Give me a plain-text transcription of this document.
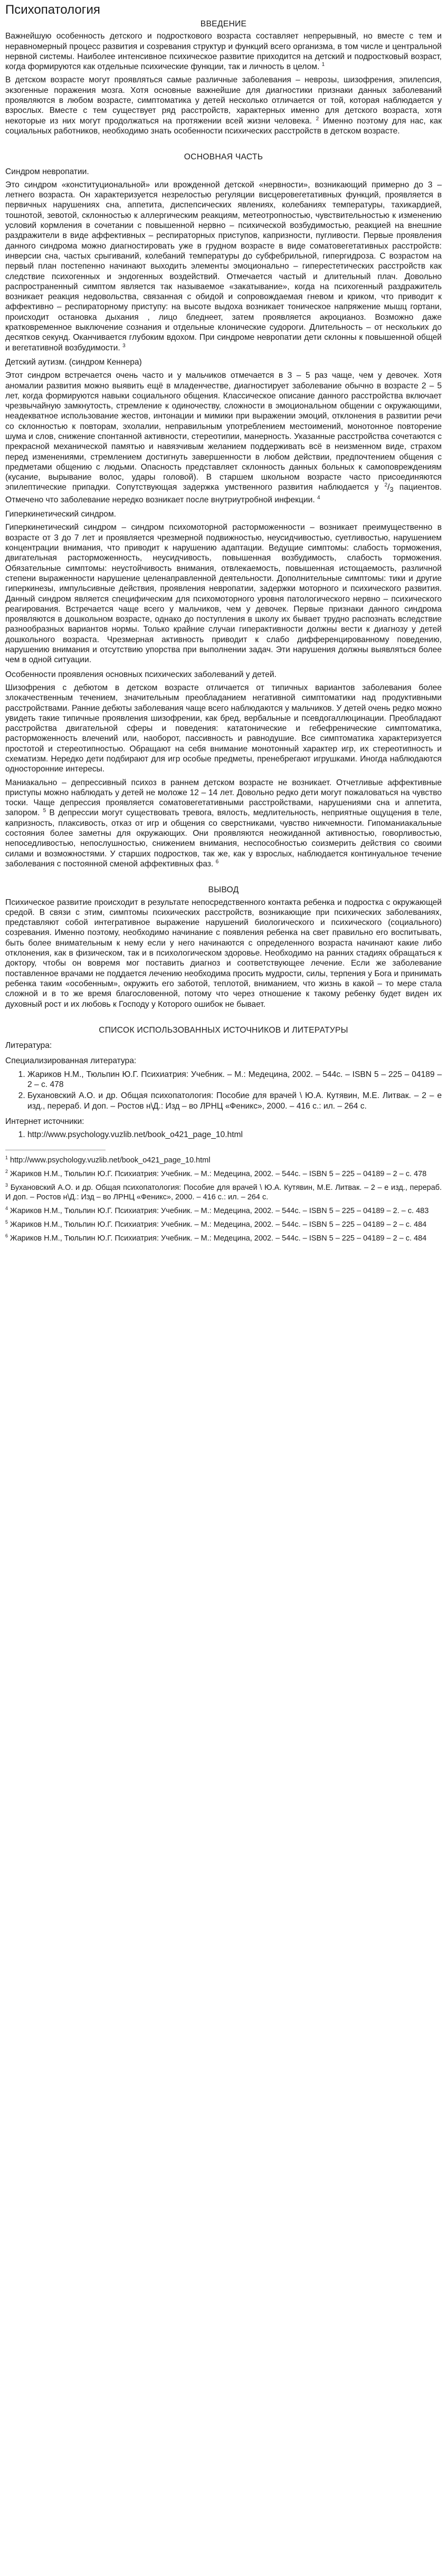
Психопатология
ВВЕДЕНИЕ

Важнейшую особенность детского и подросткового возраста составляет непрерывный, но вместе с тем и неравномерный процесс развития и созревания структур и функций всего организма, в том числе и центральной нервной системы. Наиболее интенсивное психическое развитие приходится на детский и подростковый возраст, когда формируются как отдельные психические функции, так и личность в целом. $^1$

В детском возрасте могут проявляться самые различные заболевания – неврозы, шизофрения, эпилепсия, экзогенные поражения мозга. Хотя основные важнейшие для диагностики признаки данных заболеваний проявляются в любом возрасте, симптоматика у детей несколько отличается от той, которая наблюдается у взрослых. Вместе с тем существует ряд расстройств, характерных именно для детского возраста, хотя некоторые из них могут продолжаться на протяжении всей жизни человека. $^2$ Именно поэтому для нас, как социальных работников, необходимо знать особенности психических расстройств в детском возрасте.

ОСНОВНАЯ ЧАСТЬ
Синдром невропатии.

Это синдром «конституциональной» или врожденной детской «нервности», возникающий примерно до 3 – летнего возраста. Он характеризуется незрелостью регуляции висцеровегетативных функций, проявляется в первичных нарушениях сна, аппетита, диспепсических явлениях, колебаниях температуры, тахикардией, тошнотой, зевотой, склонностью к аллергическим реакциям, метеотропностью, чувствительностью к изменению условий кормления в сочетании с повышенной нервно – психической возбудимостью, реакцией на внешние раздражители в виде аффективных – респираторных приступов, капризности, пугливости. Первые проявления данного синдрома можно диагностировать уже в грудном возрасте в виде соматовегетативных расстройств: инверсии сна, частых срыгиваний, колебаний температуры до субфебрильной, гипергидроза. С возрастом на первый план постепенно начинают выходить элементы эмоционально – гиперестетических расстройств как следствие психогенных и эндогенных воздействий. Отмечается частый и длительный плач. Довольно распространенный симптом является так называемое «закатывание», когда на психогенный раздражитель возникает реакция недовольства, связанная с обидой и сопровождаемая гневом и криком, что приводит к аффективно – респираторному приступу: на высоте выдоха возникает тоническое напряжение мышц гортани, происходит остановка дыхания , лицо бледнеет, затем проявляется акроцианоз. Возможно даже кратковременное выключение сознания и отдельные клонические судороги. Длительность – от нескольких до десятков секунд. Оканчивается глубоким вдохом. При синдроме невропатии дети склонны к повышенной общей и вегетативной возбудимости. $^3$

Детский аутизм. (синдром Кеннера)

Этот синдром встречается очень часто и у мальчиков отмечается в 3 – 5 раз чаще, чем у девочек. Хотя аномалии развития можно выявить ещё в младенчестве, диагностирует заболевание обычно в возрасте 2 – 5 лет, когда формируются навыки социального общения. Классическое описание данного расстройства включает чрезвычайную замкнутость, стремление к одиночеству, сложности в эмоциональном общении с окружающими, неадекватное использование жестов, интонации и мимики при выражении эмоций, отклонения в развитии речи со склонностью к повторам, эхолалии, неправильным употреблением местоимений, монотонное повторение шума и слов, снижение спонтанной активности, стереотипии, манерность. Указанные расстройства сочетаются с прекрасной механической памятью и навязчивым желанием поддерживать всё в неизменном виде, страхом перед изменениями, стремлением достигнуть завершенности в любом действии, предпочтением общения с предметами общению с людьми. Опасность представляет склонность данных больных к самоповреждениям (кусание, вырывание волос, удары головой). В старшем школьном возрасте часто присоединяются эпилептические припадки. Сопутствующая задержка умственного развития наблюдается у $^2/_3$ пациентов. Отмечено что заболевание нередко возникает после внутриутробной инфекции. $^4$

Гиперкинетический синдром.

Гиперкинетический синдром – синдром психомоторной расторможенности – возникает преимущественно в возрасте от 3 до 7 лет и проявляется чрезмерной подвижностью, неусидчивостью, суетливостью, нарушением концентрации внимания, что приводит к нарушению адаптации. Ведущие симптомы: слабость торможения, двигательная расторможенность, неусидчивость, повышенная возбудимость, слабость торможения. Обязательные симптомы: неустойчивость внимания, отвлекаемость, повышенная истощаемость, различной степени выраженности нарушение целенаправленной деятельности. Дополнительные симптомы: тики и другие гиперкинезы, импульсивные действия, проявления невропатии, задержки моторного и психического развития. Данный синдром является специфическим для психомоторного уровня патологического нервно – психического реагирования. Встречается чаще всего у мальчиков, чем у девочек. Первые признаки данного синдрома проявляются в дошкольном возрасте, однако до поступления в школу их бывает трудно распознать вследствие разнообразных вариантов нормы. Только крайние случаи гиперактивности должны вести к диагнозу у детей дошкольного возраста. Чрезмерная активность приводит к слабо дифференцированному поведению, нарушению внимания и отсутствию упорства при выполнении задач. Эти нарушения должны выявляться более чем в одной ситуации.

Особенности проявления основных психических заболеваний у детей.

Шизофрения с дебютом в детском возрасте отличается от типичных вариантов заболевания более злокачественным течением, значительным преобладанием негативной симптоматики над продуктивными расстройствами. Ранние дебюты заболевания чаще всего наблюдаются у мальчиков. У детей очень редко можно увидеть такие типичные проявления шизофрении, как бред, вербальные и псевдогаллюцинации. Преобладают расстройства двигательной сферы и поведения: кататонические и гебефренические симптоматика, расторможенность влечений или, наоборот, пассивность и равнодушие. Все симптоматика характеризуется простотой и стереотипностью. Обращают на себя внимание монотонный характер игр, их стереотипность и схематизм. Нередко дети подбирают для игр особые предметы, пренебрегают игрушками. Иногда наблюдаются односторонние интересы.

Маниакально – депрессивный психоз в раннем детском возрасте не возникает. Отчетливые аффективные приступы можно наблюдать у детей не моложе 12 – 14 лет. Довольно редко дети могут пожаловаться на чувство тоски. Чаще депрессия проявляется соматовегетативными расстройствами, нарушениями сна и аппетита, запором. $^5$ В депрессии могут существовать тревога, вялость, медлительность, неприятные ощущения в теле, капризность, плаксивость, отказ от игр и общения со сверстниками, чувство никчемности. Гипоманиакальные состояния более заметны для окружающих. Они проявляются неожиданной активностью, говорливостью, непоседливостью, непослушностью, снижением внимания, неспособностью соизмерить действия со своими силами и возможностями. У старших подростков, так же, как у взрослых, наблюдается континуальное течение заболевания с постоянной сменой аффективных фаз. $^6$

ВЫВОД

Психическое развитие происходит в результате непосредственного контакта ребенка и подростка с окружающей средой. В связи с этим, симптомы психических расстройств, возникающие при психических заболеваниях, представляют собой интегративное выражение нарушений биологического и психического (социального) созревания. Именно поэтому, необходимо начинание с появления ребенка на свет правильно его воспитывать, быть более внимательным к нему если у него начинаются с определенного возраста начинают какие либо отклонения, как в физическом, так и в психологическом здоровье. Необходимо на ранних стадиях обращаться к доктору, чтобы он вовремя мог поставить диагноз и соответствующее лечение. Если же заболевание поставленное врачами не поддается лечению необходима просить мудрости, силы, терпения у Бога и принимать ребенка таким «особенным», окружить его заботой, теплотой, вниманием, что жизнь в какой – то мере стала сложной и в то же время благословенной, потому что через отношение к такому ребенку будет виден их духовный рост и их любовь к Господу у Которого ошибок не бывает.

СПИСОК ИСПОЛЬЗОВАННЫХ ИСТОЧНИКОВ И ЛИТЕРАТУРЫ
Литература:
Специализированная литература:
1. Жариков Н.М., Тюльпин Ю.Г. Психиатрия: Учебник. – М.: Медецина, 2002. – 544с. – ISBN 5 – 225 – 04189 – 2 – с. 478
2. Бухановский А.О. и др. Общая психопатология: Пособие для врачей \ Ю.А. Кутявин, М.Е. Литвак. – 2 – е изд., перераб. И доп. – Ростов н\Д.: Изд – во ЛРНЦ «Феникс», 2000. – 416 с.: ил. – 264 с.
Интернет источники:
1. http://www.psychology.vuzlib.net/book_o421_page_10.html

$^1$ http://www.psychology.vuzlib.net/book_o421_page_10.html

$^2$ Жариков Н.М., Тюльпин Ю.Г. Психиатрия: Учебник. – М.: Медецина, 2002. – 544с. – ISBN 5 – 225 – 04189 – 2 – с. 478

$^3$ Бухановский А.О. и др. Общая психопатология: Пособие для врачей \ Ю.А. Кутявин, М.Е. Литвак. – 2 – е изд., перераб. И доп. – Ростов н\Д.: Изд – во ЛРНЦ «Феникс», 2000. – 416 с.: ил. – 264 с.

$^4$ Жариков Н.М., Тюльпин Ю.Г. Психиатрия: Учебник. – М.: Медецина, 2002. – 544с. – ISBN 5 – 225 – 04189 – 2. – с. 483

$^5$ Жариков Н.М., Тюльпин Ю.Г. Психиатрия: Учебник. – М.: Медецина, 2002. – 544с. – ISBN 5 – 225 – 04189 – 2 – с. 484

$^6$ Жариков Н.М., Тюльпин Ю.Г. Психиатрия: Учебник. – М.: Медецина, 2002. – 544с. – ISBN 5 – 225 – 04189 – 2 – с. 484
